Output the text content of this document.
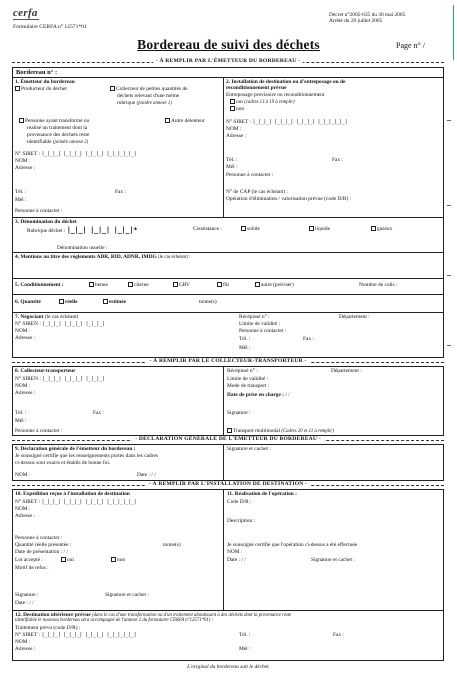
cerfa
Formulaire CERFA n° 12571*01
Décret n°2005-635 du 30 mai 2005
Arrêté du 29 juillet 2005
Bordereau de suivi des déchets	Page n° /
- À REMPLIR PAR L'ÉMETTEUR DU BORDEREAU -
Bordereau n° :
1. Émetteur du bordereau
Producteur du déchet	Collecteur de petites quantités de
déchets relevant d'une même
rubrique (joindre annexe 1)
Personne ayant transformé ou
réalisé un traitement dont la
provenance des déchets reste
identifiable (joindre annexe 2)
Autre détenteur
N° SIRET : |_|_|_| |_|_|_| |_|_|_| |_|_|_|_|_|
NOM :
Adresse :
Tél. :	Fax :
Mél :
Personne à contacter :
2. Installation de destination ou d'entreposage ou de
reconditionnement prévue
Entreposage provisoire ou reconditionnement
oui (cadres 13 à 19 à remplir)
non
N° SIRET : |_|_|_| |_|_|_| |_|_|_| |_|_|_|_|_|
NOM :
Adresse :
Tél. :	Fax :
Mél :
Personne à contacter :
N° de CAP (le cas échéant) :
Opération d'élimination / valorisation prévue (code D/R) :
3. Dénomination du déchet
Rubrique déchet : |_|_| |_|_| |_|_|*	Consistance :	solide	liquide	gazeux
Dénomination usuelle :
4. Mentions au titre des règlements ADR, RID, ADNR, IMDG (le cas échéant) :
5. Conditionnement :	benne	citerne	GRV	fût	autre (préciser)	Nombre de colis :
6. Quantité	réelle	estimée	tonne(s)
7. Négociant (le cas échéant)
N° SIREN : |_|_|_| |_|_|_| |_|_|_|
NOM :
Adresse :
Récépissé n° :	Département :
Limite de validité :
Personne à contacter :
Tél. :	Fax :
Mél :
- À REMPLIR PAR LE COLLECTEUR-TRANSPORTEUR -
8. Collecteur-transporteur
N° SIREN : |_|_|_| |_|_|_| |_|_|_|
NOM :
Adresse :
Tél. :	Fax :
Mél :
Personne à contacter :
Récépissé n° :	Département :
Limite de validité :
Mode de transport :
Date de prise en charge : / /
Signature :
Transport multimodal (Cadres 20 et 21 à remplir)
- DÉCLARATION GÉNÉRALE DE L'ÉMETTEUR DU BORDEREAU -
9. Déclaration générale de l'émetteur du bordereau :
Je soussigné certifie que les renseignements portés dans les cadres
ci-dessus sont exacts et établis de bonne foi.
NOM :	Date : / /
Signature et cachet :
- À REMPLIR PAR L'INSTALLATION DE DESTINATION -
10. Expédition reçue à l'installation de destination
N° SIRET : |_|_|_| |_|_|_| |_|_|_| |_|_|_|_|_|
NOM :
Adresse :
Personne à contacter :
Quantité réelle présentée :	tonne(s)
Date de présentation : / /
Lot accepté :	oui	non
Motif de refus :
Signature :	Signature et cachet :
Date : / /
11. Réalisation de l'opération :
Code D/R :
Description :
Je soussigné certifie que l'opération ci-dessus a été effectuée
NOM :
Date : / /	Signature et cachet :
12. Destination ultérieure prévue (dans le cas d'une transformation ou d'un traitement aboutissant à des déchets dont la provenance reste
identifiable le nouveau bordereau sera accompagné de l'annexe 2 du formulaire CERFA n°12571*01) :
Traitement prévu (code D/R) :
N° SIRET : |_|_|_| |_|_|_| |_|_|_| |_|_|_|_|_|
NOM :
Adresse :
Tél. :	Fax :
Mél :
L'original du bordereau suit le déchet.
